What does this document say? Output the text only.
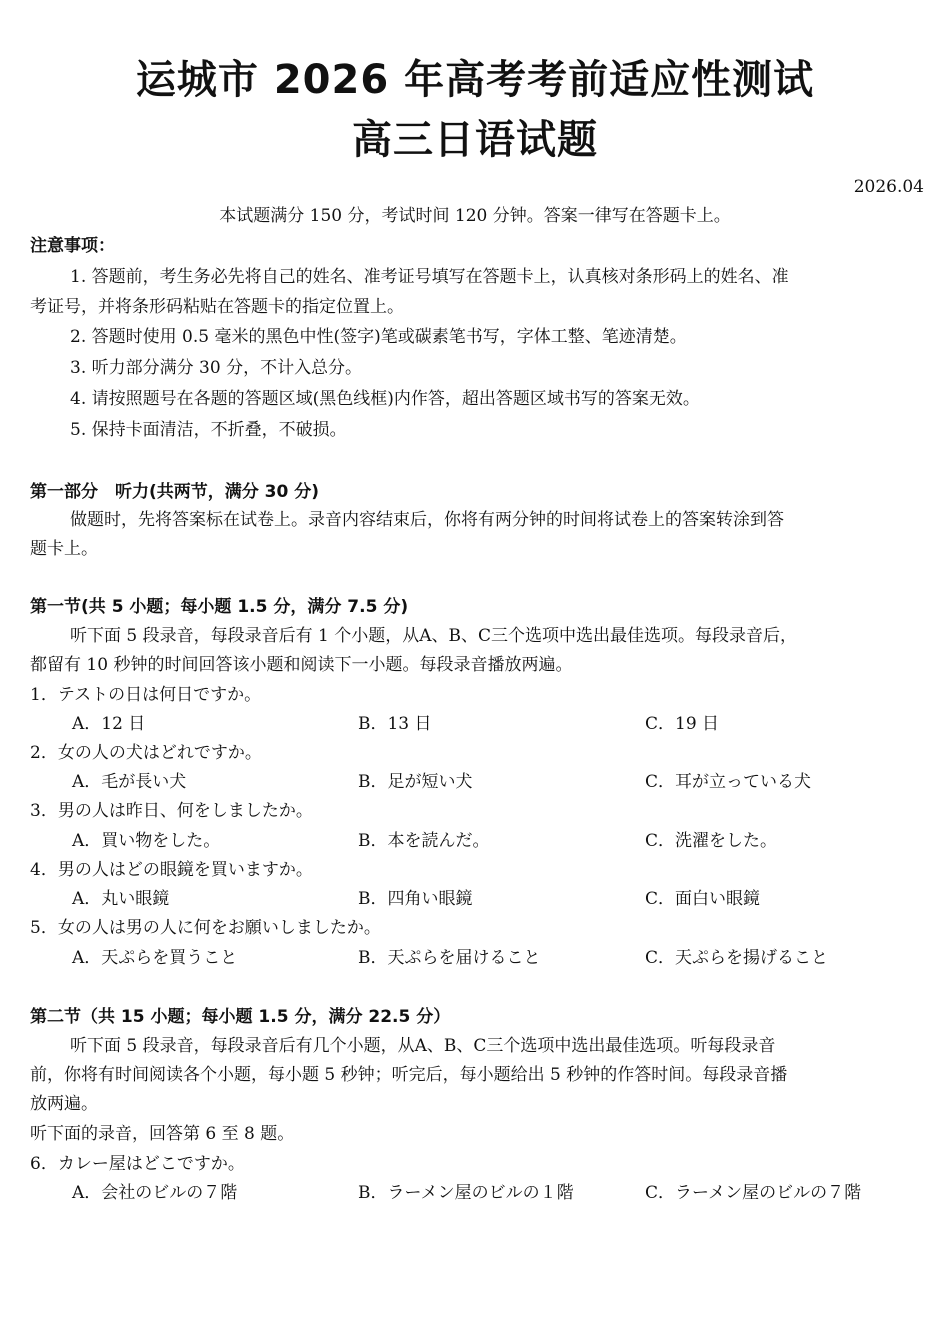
运城市 2026 年高考考前适应性测试
高三日语试题
2026.04
本试题满分 150 分，考试时间 120 分钟。答案一律写在答题卡上。
注意事项：
1. 答题前，考生务必先将自己的姓名、准考证号填写在答题卡上，认真核对条形码上的姓名、准
考证号，并将条形码粘贴在答题卡的指定位置上。
2. 答题时使用 0.5 毫米的黑色中性(签字)笔或碳素笔书写，字体工整、笔迹清楚。
3. 听力部分满分 30 分，不计入总分。
4. 请按照题号在各题的答题区域(黑色线框)内作答，超出答题区域书写的答案无效。
5. 保持卡面清洁，不折叠，不破损。
第一部分　听力(共两节，满分 30 分)
做题时，先将答案标在试卷上。录音内容结束后，你将有两分钟的时间将试卷上的答案转涂到答
题卡上。
第一节(共 5 小题；每小题 1.5 分，满分 7.5 分)
听下面 5 段录音，每段录音后有 1 个小题，从A、B、C三个选项中选出最佳选项。每段录音后，
都留有 10 秒钟的时间回答该小题和阅读下一小题。每段录音播放两遍。
1．テストの日は何日ですか。
A．12 日	B．13 日	C．19 日
2．女の人の犬はどれですか。
A．毛が長い犬	B．足が短い犬	C．耳が立っている犬
3．男の人は昨日、何をしましたか。
A．買い物をした。	B．本を読んだ。	C．洗濯をした。
4．男の人はどの眼鏡を買いますか。
A．丸い眼鏡	B．四角い眼鏡	C．面白い眼鏡
5．女の人は男の人に何をお願いしましたか。
A．天ぷらを買うこと	B．天ぷらを届けること	C．天ぷらを揚げること
第二节（共 15 小题；每小题 1.5 分，满分 22.5 分）
听下面 5 段录音，每段录音后有几个小题，从A、B、C三个选项中选出最佳选项。听每段录音
前，你将有时间阅读各个小题，每小题 5 秒钟；听完后，每小题给出 5 秒钟的作答时间。每段录音播
放两遍。
听下面的录音，回答第 6 至 8 题。
6．カレー屋はどこですか。
A．会社のビルの７階	B．ラーメン屋のビルの１階	C．ラーメン屋のビルの７階
